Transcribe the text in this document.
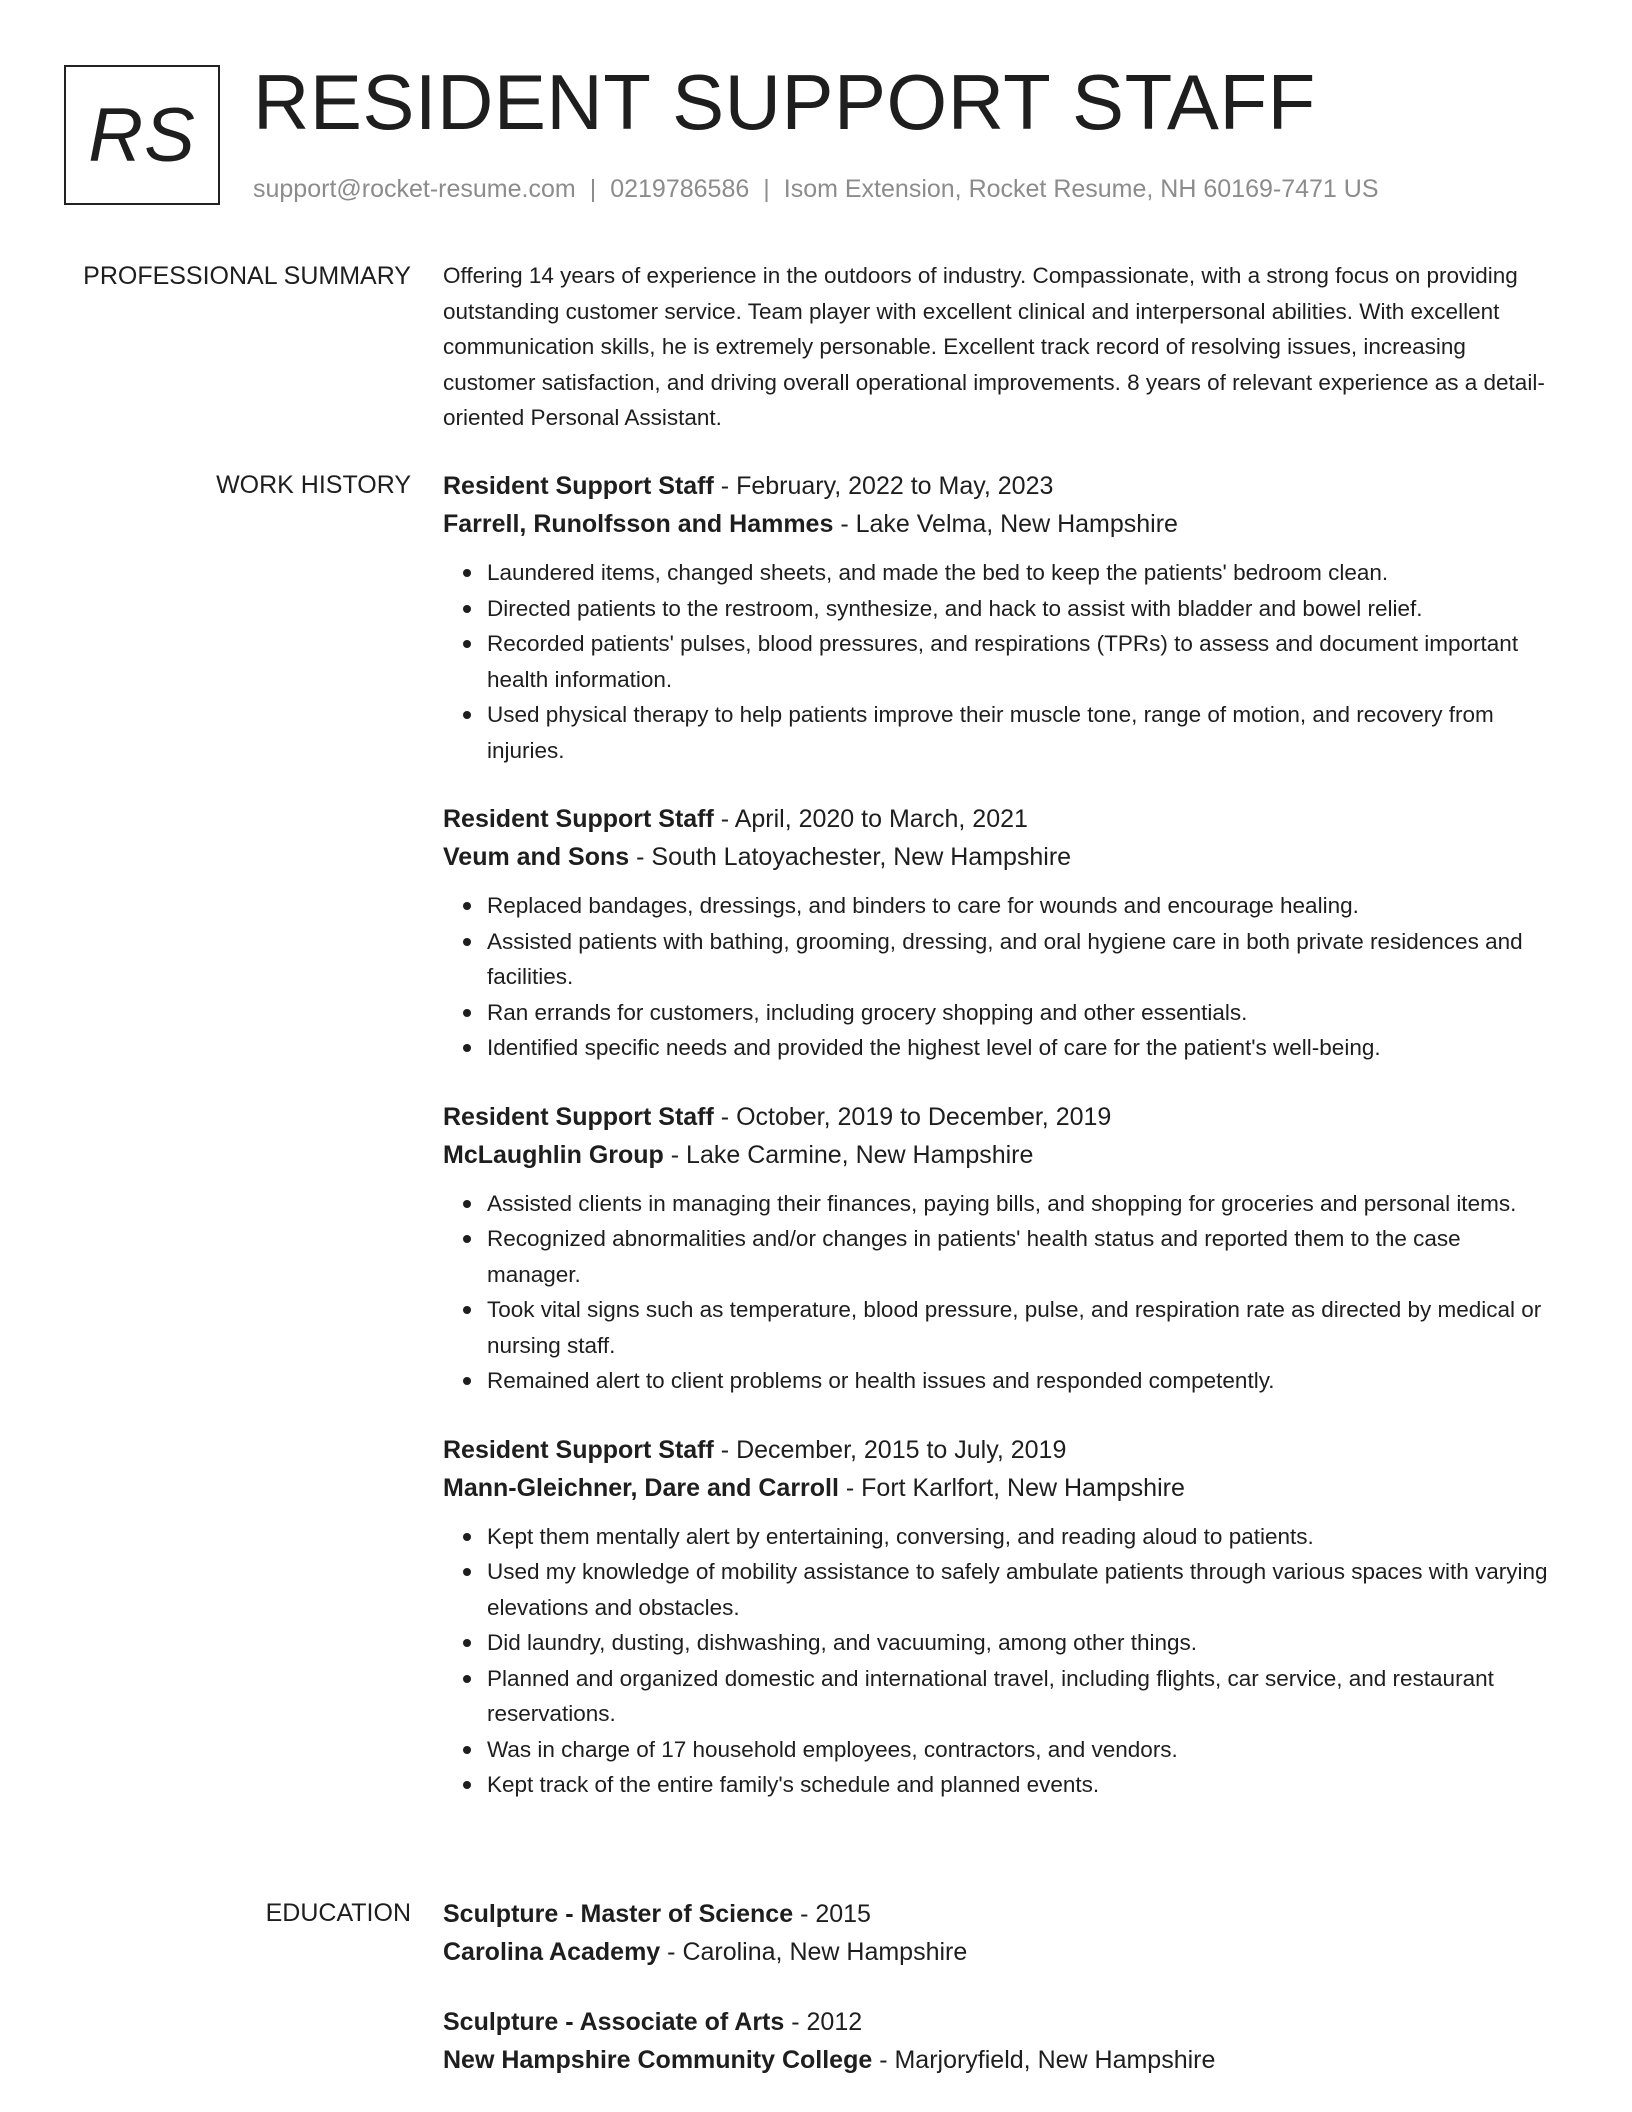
RS RESIDENT SUPPORT STAFF
support@rocket-resume.com | 0219786586 | Isom Extension, Rocket Resume, NH 60169-7471 US
PROFESSIONAL SUMMARY Offering 14 years of experience in the outdoors of industry. Compassionate, with a strong focus on providing outstanding customer service. Team player with excellent clinical and interpersonal abilities. With excellent communication skills, he is extremely personable. Excellent track record of resolving issues, increasing customer satisfaction, and driving overall operational improvements. 8 years of relevant experience as a detail-oriented Personal Assistant.

WORK HISTORY Resident Support Staff - February, 2022 to May, 2023
Farrell, Runolfsson and Hammes - Lake Velma, New Hampshire
Laundered items, changed sheets, and made the bed to keep the patients' bedroom clean.
Directed patients to the restroom, synthesize, and hack to assist with bladder and bowel relief.
Recorded patients' pulses, blood pressures, and respirations (TPRs) to assess and document important health information.
Used physical therapy to help patients improve their muscle tone, range of motion, and recovery from injuries.
Resident Support Staff - April, 2020 to March, 2021
Veum and Sons - South Latoyachester, New Hampshire
Replaced bandages, dressings, and binders to care for wounds and encourage healing.
Assisted patients with bathing, grooming, dressing, and oral hygiene care in both private residences and facilities.
Ran errands for customers, including grocery shopping and other essentials.
Identified specific needs and provided the highest level of care for the patient's well-being.
Resident Support Staff - October, 2019 to December, 2019
McLaughlin Group - Lake Carmine, New Hampshire
Assisted clients in managing their finances, paying bills, and shopping for groceries and personal items.
Recognized abnormalities and/or changes in patients' health status and reported them to the case manager.
Took vital signs such as temperature, blood pressure, pulse, and respiration rate as directed by medical or nursing staff.
Remained alert to client problems or health issues and responded competently.
Resident Support Staff - December, 2015 to July, 2019
Mann-Gleichner, Dare and Carroll - Fort Karlfort, New Hampshire
Kept them mentally alert by entertaining, conversing, and reading aloud to patients.
Used my knowledge of mobility assistance to safely ambulate patients through various spaces with varying elevations and obstacles.
Did laundry, dusting, dishwashing, and vacuuming, among other things.
Planned and organized domestic and international travel, including flights, car service, and restaurant reservations.
Was in charge of 17 household employees, contractors, and vendors.
Kept track of the entire family's schedule and planned events.
EDUCATION Sculpture - Master of Science - 2015
Carolina Academy - Carolina, New Hampshire
Sculpture - Associate of Arts - 2012
New Hampshire Community College - Marjoryfield, New Hampshire
